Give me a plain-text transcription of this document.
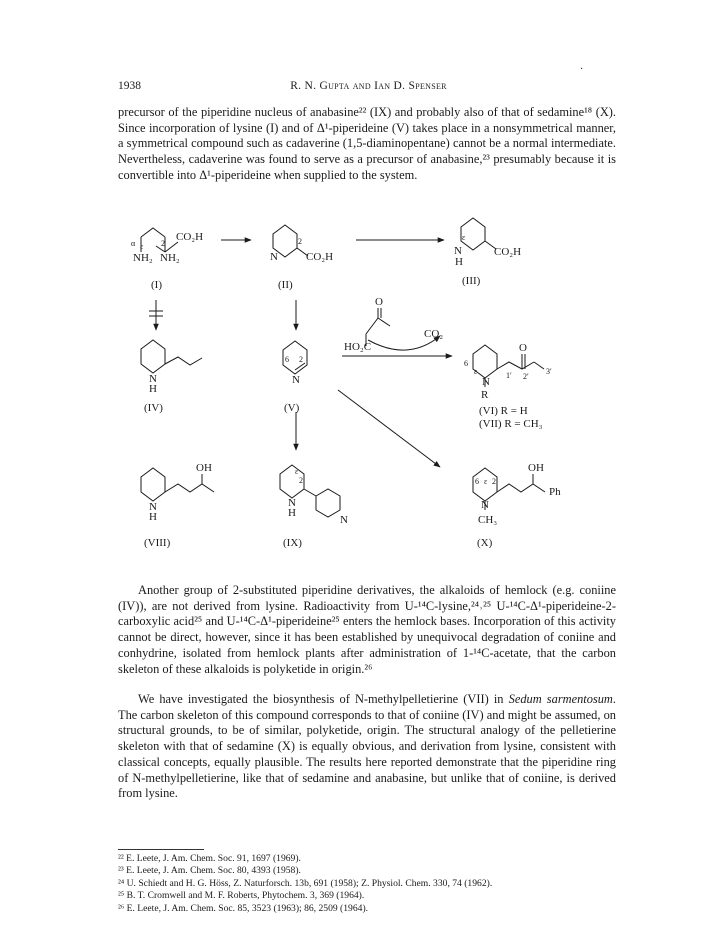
·
1938	R. N. Gupta and Ian D. Spenser

precursor of the piperidine nucleus of anabasine²² (IX) and probably also of that of sedamine¹⁸ (X). Since incorporation of lysine (I) and of Δ¹-piperideine (V) takes place in a nonsymmetrical manner, a symmetrical compound such as cadaverine (1,5-diaminopentane) cannot be a normal intermediate. Nevertheless, cadaverine was found to serve as a precursor of anabasine,²³ presumably because it is convertible into Δ¹-piperideine when supplied to the system.

CO₂H
NH₂ NH₂
ε 2
α
(I)
N	CO₂H
2
(II)
N
H
ε
CO₂H
(III)
N
H
(IV)
N
6 2
(V)
O
HO₂C
CO₂
N
R
6
ε
O
1′ 2′
3′
(VI) R = H
(VII) R = CH₃
N
H
OH
(VIII)
N
H
ε
2
N
(IX)
N
CH₃
6 ε 2
OH
Ph
(X)

Another group of 2-substituted piperidine derivatives, the alkaloids of hemlock (e.g. coniine (IV)), are not derived from lysine. Radioactivity from U-¹⁴C-lysine,²⁴˒²⁵ U-¹⁴C-Δ¹-piperideine-2-carboxylic acid²⁵ and U-¹⁴C-Δ¹-piperideine²⁵ enters the hemlock bases. Incorporation of this activity cannot be direct, however, since it has been established by unequivocal degradation of coniine and conhydrine, isolated from hemlock plants after administration of 1-¹⁴C-acetate, that the carbon skeleton of these alkaloids is polyketide in origin.²⁶

We have investigated the biosynthesis of N-methylpelletierine (VII) in Sedum sarmentosum. The carbon skeleton of this compound corresponds to that of coniine (IV) and might be assumed, on structural grounds, to be of similar, polyketide, origin. The structural analogy of the pelletierine skeleton with that of sedamine (X) is equally obvious, and derivation from lysine, consistent with classical concepts, equally plausible. The results here reported demonstrate that the piperidine ring of N-methylpelletierine, like that of sedamine and anabasine, but unlike that of coniine, is derived from lysine.

²² E. Leete, J. Am. Chem. Soc. 91, 1697 (1969).
²³ E. Leete, J. Am. Chem. Soc. 80, 4393 (1958).
²⁴ U. Schiedt and H. G. Höss, Z. Naturforsch. 13b, 691 (1958); Z. Physiol. Chem. 330, 74 (1962).
²⁵ B. T. Cromwell and M. F. Roberts, Phytochem. 3, 369 (1964).
²⁶ E. Leete, J. Am. Chem. Soc. 85, 3523 (1963); 86, 2509 (1964).
